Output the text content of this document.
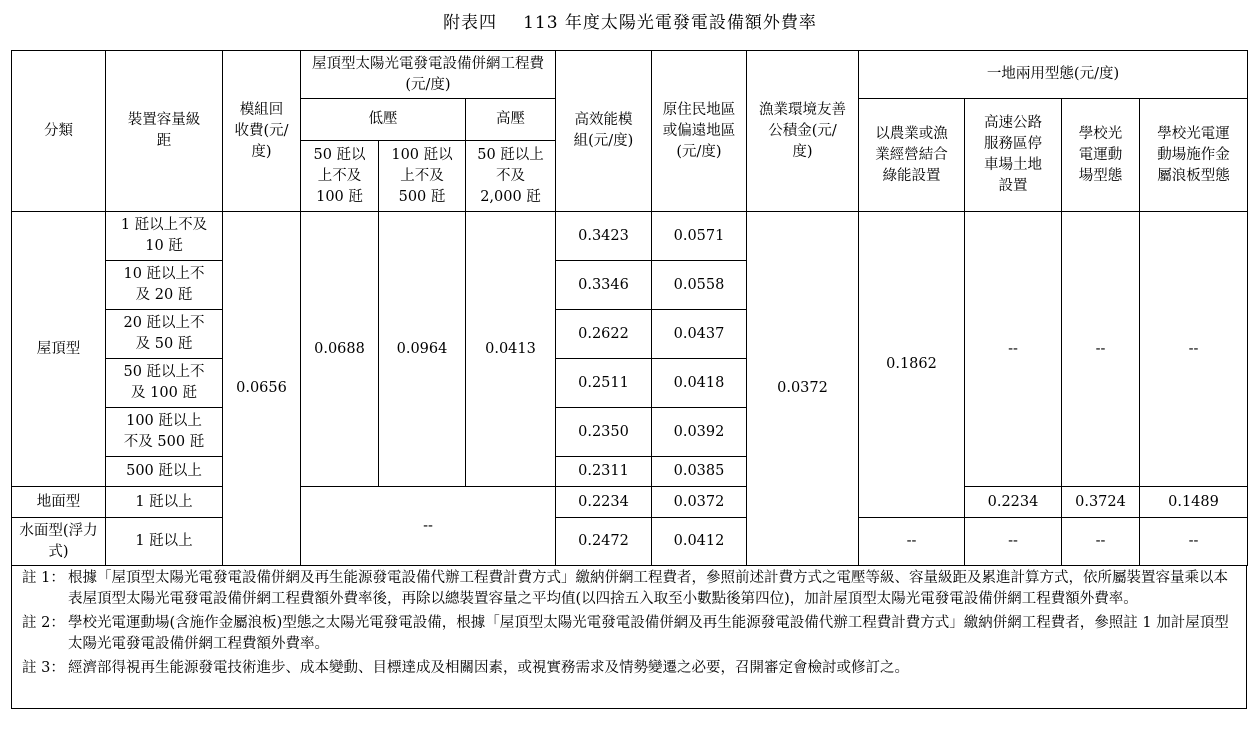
附表四 113 年度太陽光電發電設備額外費率
分類	裝置容量級距	模組回收費(元/度)	屋頂型太陽光電發電設備併網工程費(元/度)			高效能模組(元/度)	原住民地區或偏遠地區(元/度)	漁業環境友善公積金(元/度)	一地兩用型態(元/度)			
			低壓		高壓				以農業或漁業經營結合綠能設置	高速公路服務區停車場土地設置	學校光電運動場型態	學校光電運動場施作金屬浪板型態
			50 瓩以上不及 100 瓩	100 瓩以上不及 500 瓩	50 瓩以上不及 2,000 瓩							
屋頂型	1 瓩以上不及 10 瓩	0.0656	0.0688	0.0964	0.0413	0.3423	0.0571	0.0372	0.1862	--	--	--
	10 瓩以上不及 20 瓩					0.3346	0.0558					
	20 瓩以上不及 50 瓩					0.2622	0.0437					
	50 瓩以上不及 100 瓩					0.2511	0.0418					
	100 瓩以上不及 500 瓩					0.2350	0.0392					
	500 瓩以上					0.2311	0.0385					
地面型	1 瓩以上		--			0.2234	0.0372			0.2234	0.3724	0.1489
水面型(浮力式)	1 瓩以上					0.2472	0.0412		--	--	--	--
註 1： 根據「屋頂型太陽光電發電設備併網及再生能源發電設備代辦工程費計費方式」繳納併網工程費者，參照前述計費方式之電壓等級、容量級距及累進計算方式，依所屬裝置容量乘以本表屋頂型太陽光電發電設備併網工程費額外費率後，再除以總裝置容量之平均值(以四捨五入取至小數點後第四位)，加計屋頂型太陽光電發電設備併網工程費額外費率。
註 2： 學校光電運動場(含施作金屬浪板)型態之太陽光電發電設備，根據「屋頂型太陽光電發電設備併網及再生能源發電設備代辦工程費計費方式」繳納併網工程費者，參照註 1 加計屋頂型太陽光電發電設備併網工程費額外費率。
註 3： 經濟部得視再生能源發電技術進步、成本變動、目標達成及相關因素，或視實務需求及情勢變遷之必要，召開審定會檢討或修訂之。
